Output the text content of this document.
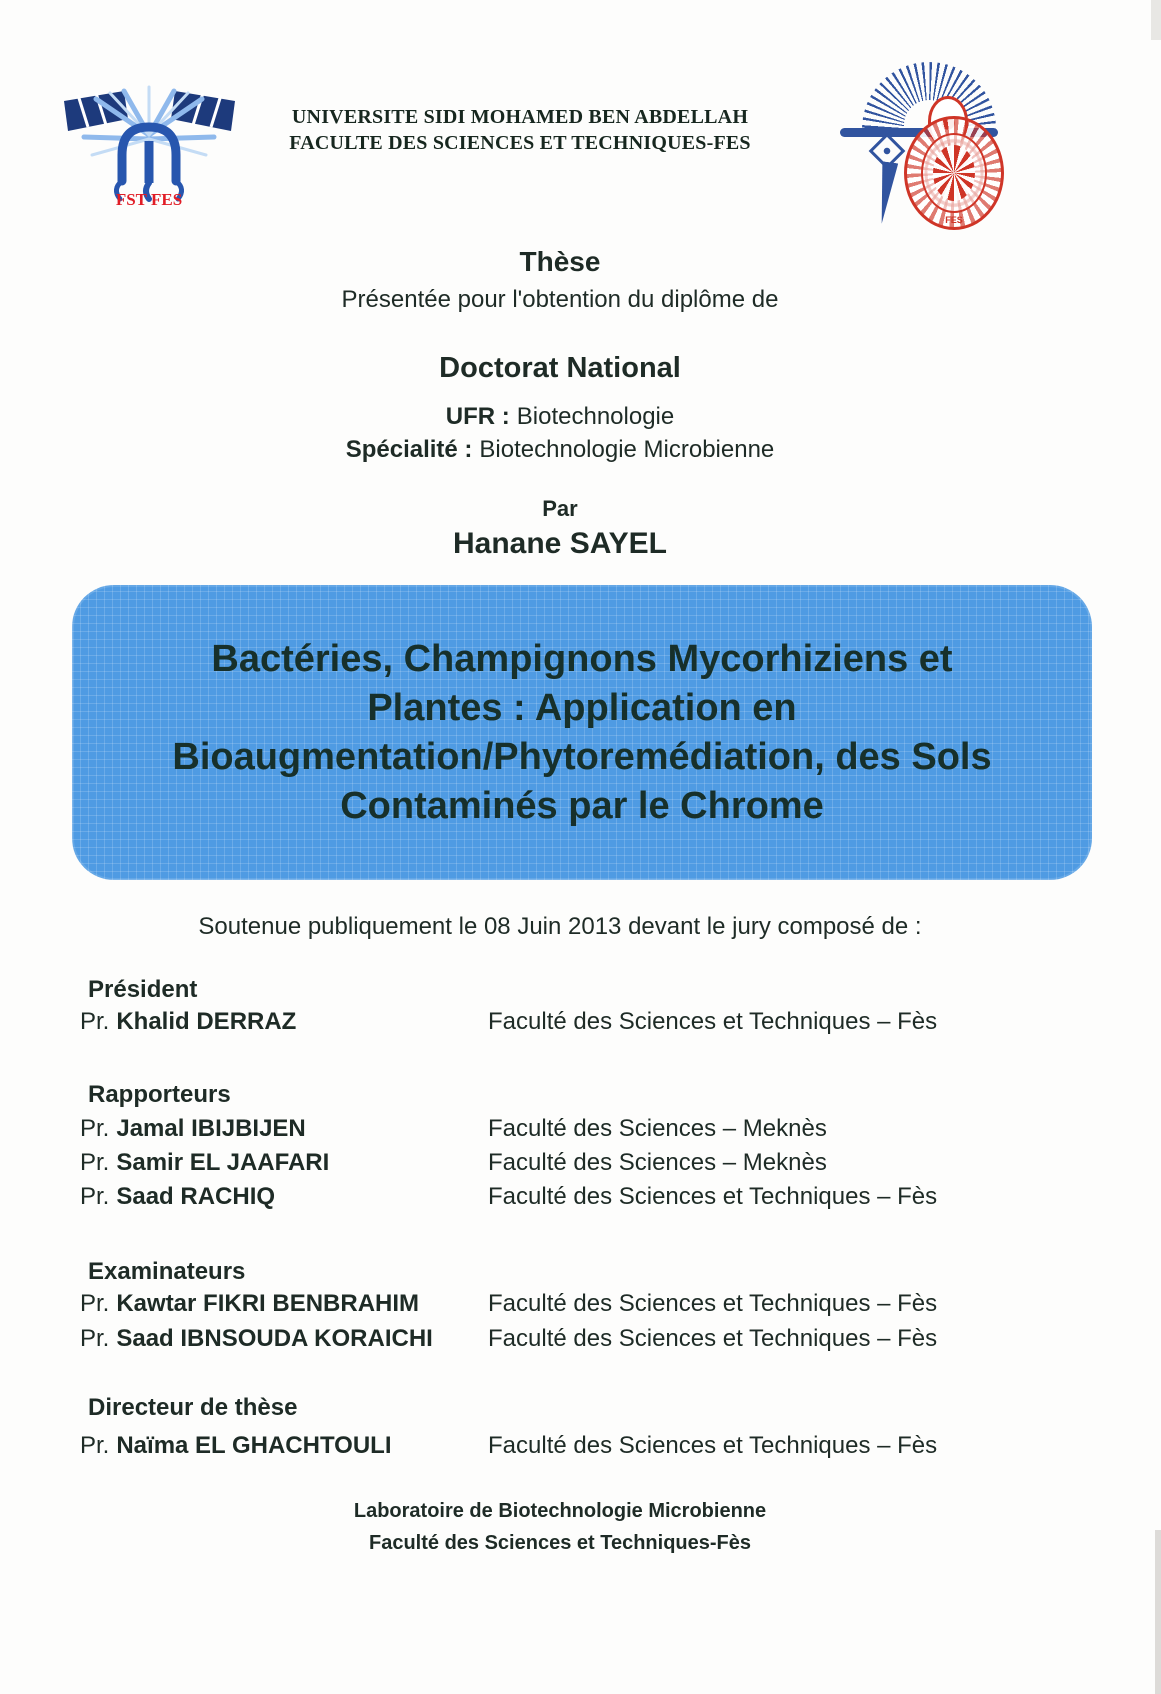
FST FES
UNIVERSITE SIDI MOHAMED BEN ABDELLAH
FACULTE DES SCIENCES ET TECHNIQUES-FES
FES
Thèse
Présentée pour l'obtention du diplôme de
Doctorat National
UFR : Biotechnologie
Spécialité : Biotechnologie Microbienne
Par
Hanane SAYEL
Bactéries, Champignons Mycorhiziens et
Plantes : Application en
Bioaugmentation/Phytoremédiation, des Sols
Contaminés par le Chrome
Soutenue publiquement le 08 Juin 2013 devant le jury composé de :
Président
Pr. Khalid DERRAZ	Faculté des Sciences et Techniques – Fès
Rapporteurs
Pr. Jamal IBIJBIJEN	Faculté des Sciences – Meknès
Pr. Samir EL JAAFARI	Faculté des Sciences – Meknès
Pr. Saad RACHIQ	Faculté des Sciences et Techniques – Fès
Examinateurs
Pr. Kawtar FIKRI BENBRAHIM	Faculté des Sciences et Techniques – Fès
Pr. Saad IBNSOUDA KORAICHI Faculté des Sciences et Techniques – Fès
Directeur de thèse
Pr. Naïma EL GHACHTOULI	Faculté des Sciences et Techniques – Fès
Laboratoire de Biotechnologie Microbienne
Faculté des Sciences et Techniques-Fès
